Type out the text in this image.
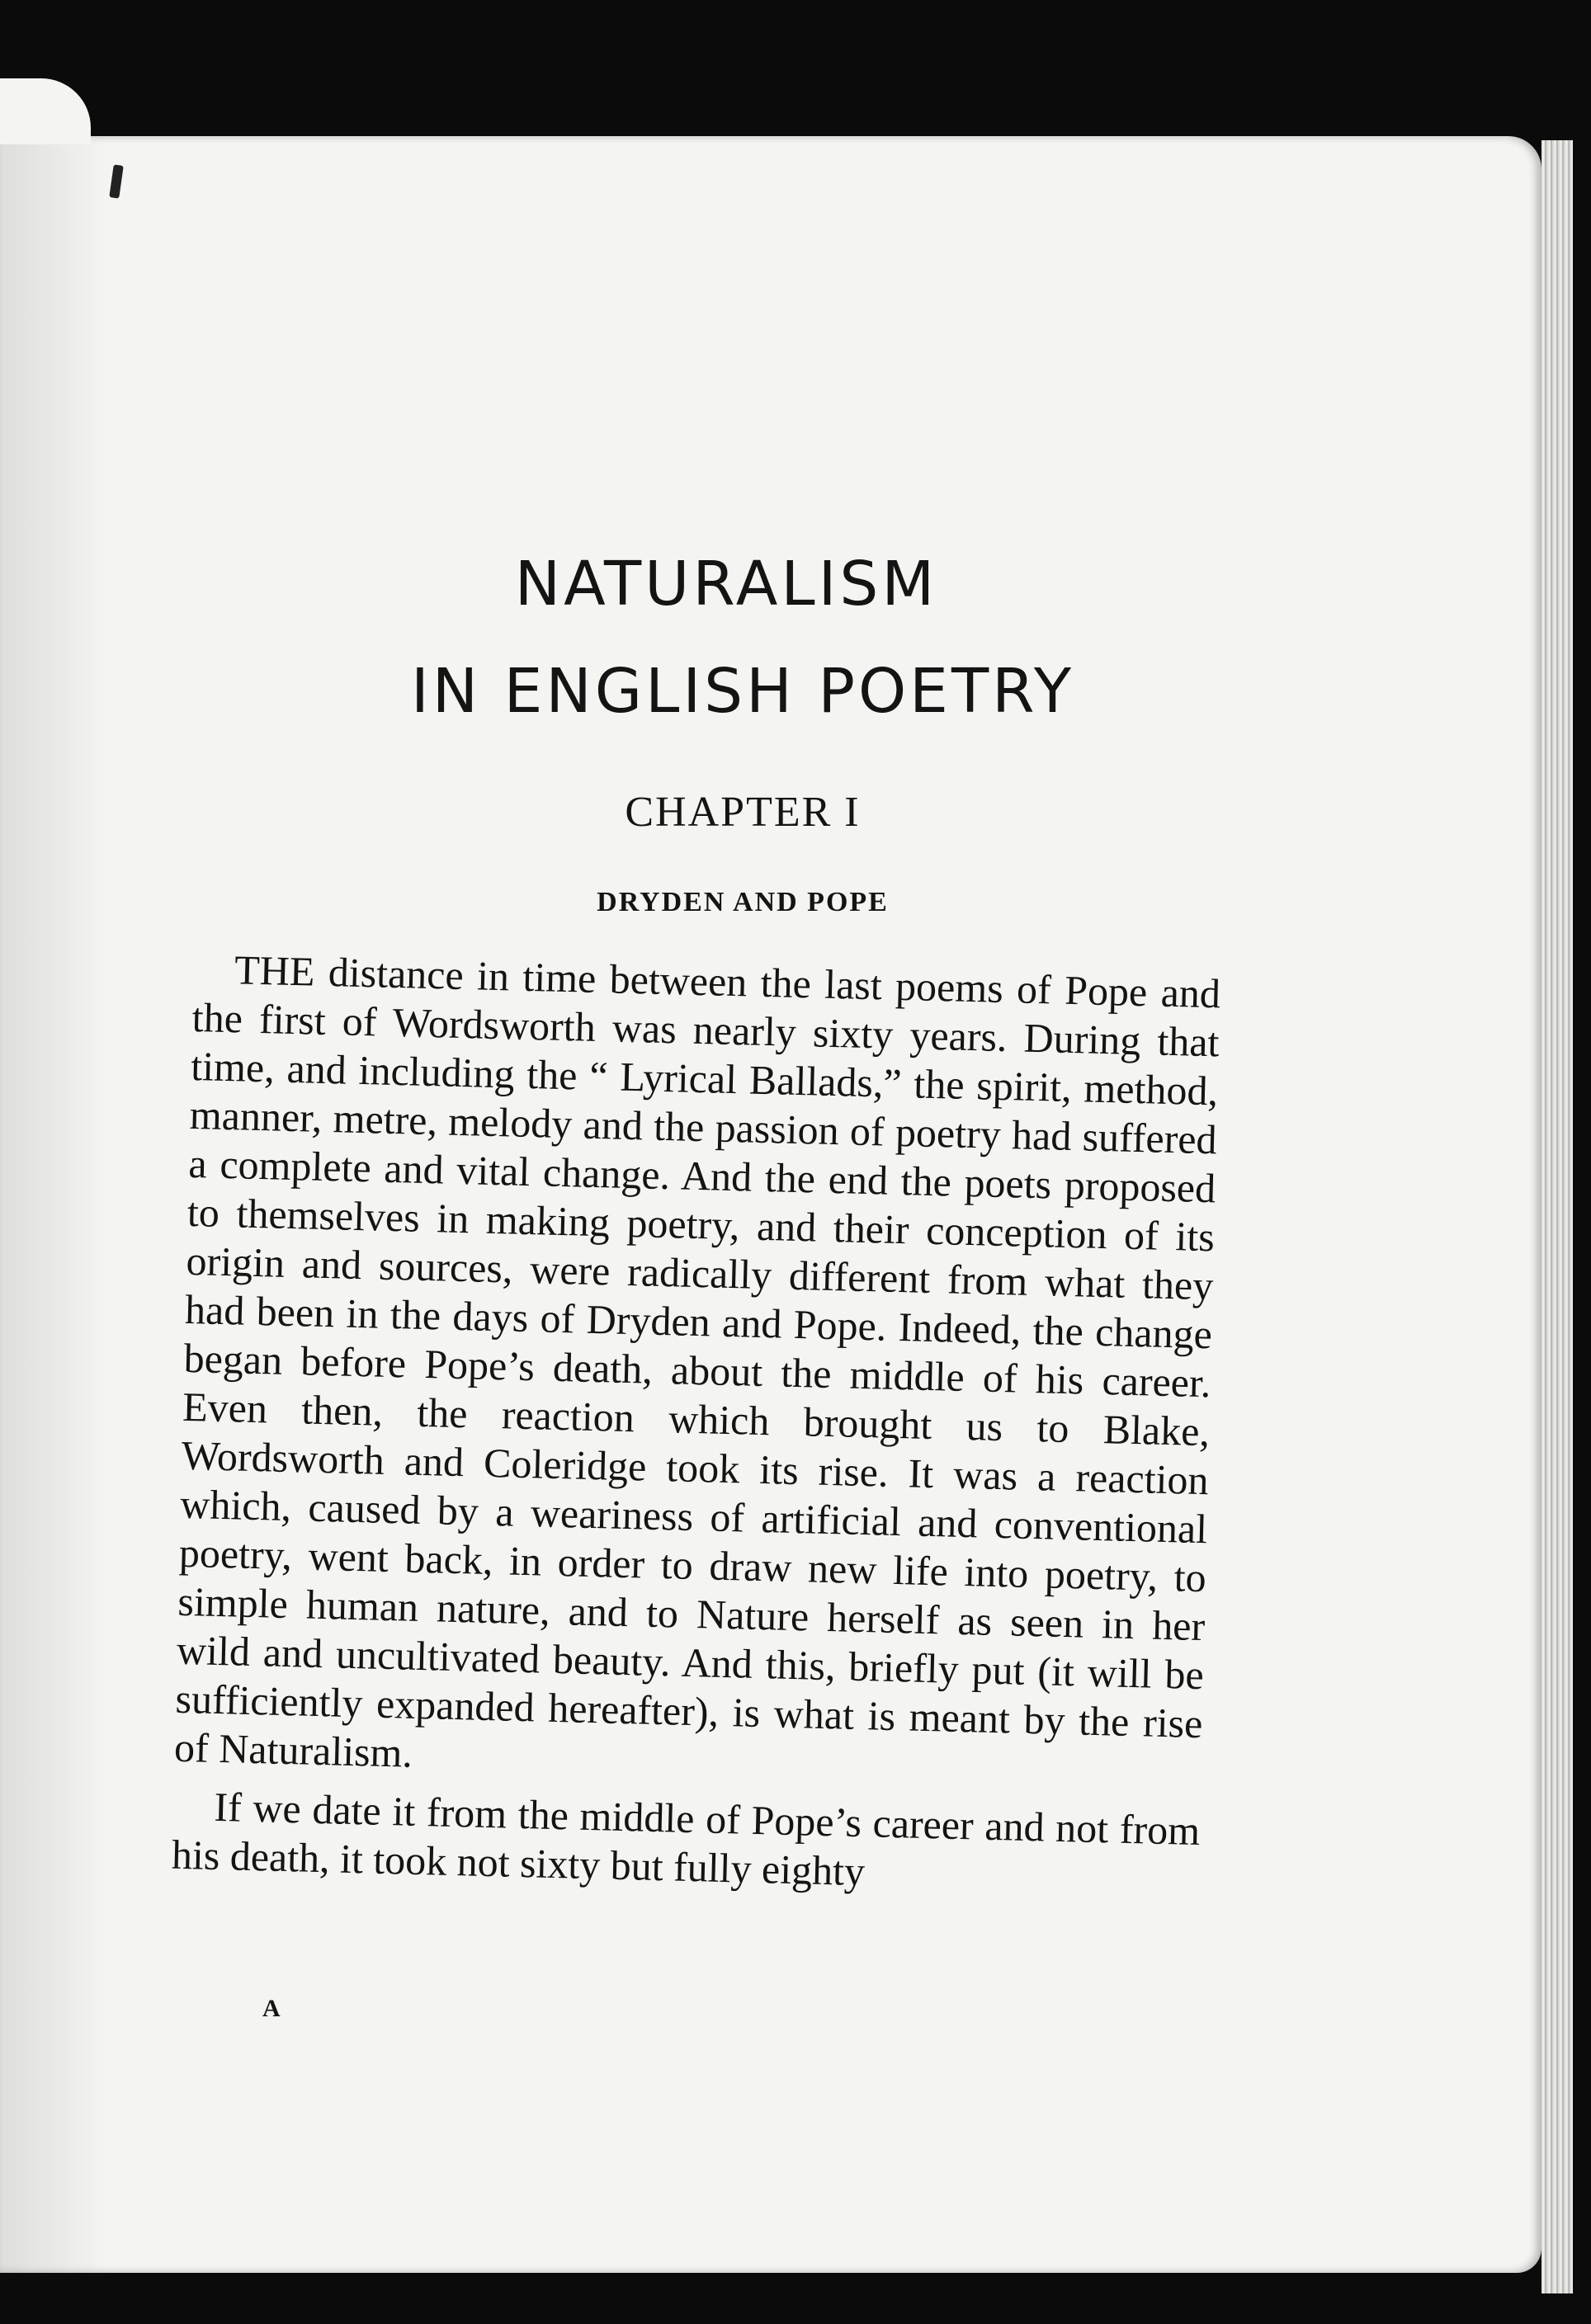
NATURALISM
IN ENGLISH POETRY
CHAPTER I
DRYDEN AND POPE

THE distance in time between the last poems of Pope and the first of Wordsworth was nearly sixty years. During that time, and including the “ Lyrical Ballads,” the spirit, method, manner, metre, melody and the passion of poetry had suffered a complete and vital change. And the end the poets proposed to themselves in making poetry, and their conception of its origin and sources, were radically different from what they had been in the days of Dryden and Pope. Indeed, the change began before Pope’s death, about the middle of his career. Even then, the reaction which brought us to Blake, Wordsworth and Coleridge took its rise. It was a reaction which, caused by a weariness of artificial and conventional poetry, went back, in order to draw new life into poetry, to simple human nature, and to Nature herself as seen in her wild and uncultivated beauty. And this, briefly put (it will be sufficiently expanded hereafter), is what is meant by the rise of Naturalism.

If we date it from the middle of Pope’s career and not from his death, it took not sixty but fully eighty

A
